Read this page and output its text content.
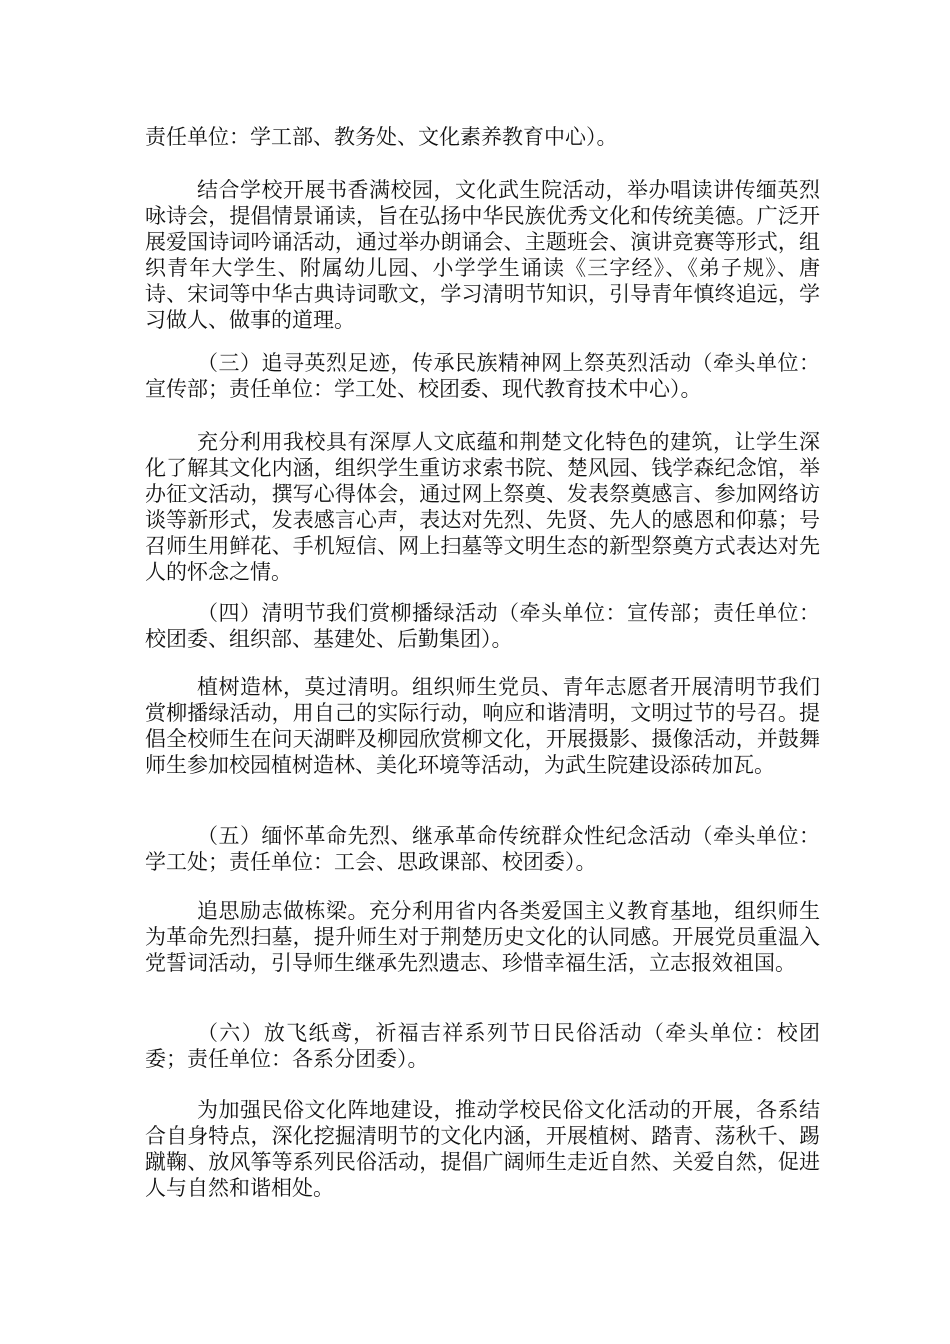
责任单位：学工部、教务处、文化素养教育中心）。

结合学校开展书香满校园，文化武生院活动，举办唱读讲传缅英烈咏诗会，提倡情景诵读，旨在弘扬中华民族优秀文化和传统美德。广泛开展爱国诗词吟诵活动，通过举办朗诵会、主题班会、演讲竞赛等形式，组织青年大学生、附属幼儿园、小学学生诵读《三字经》、《弟子规》、唐诗、宋词等中华古典诗词歌文，学习清明节知识，引导青年慎终追远，学习做人、做事的道理。

（三）追寻英烈足迹，传承民族精神网上祭英烈活动（牵头单位：宣传部；责任单位：学工处、校团委、现代教育技术中心）。

充分利用我校具有深厚人文底蕴和荆楚文化特色的建筑，让学生深化了解其文化内涵，组织学生重访求索书院、楚风园、钱学森纪念馆，举办征文活动，撰写心得体会，通过网上祭奠、发表祭奠感言、参加网络访谈等新形式，发表感言心声，表达对先烈、先贤、先人的感恩和仰慕；号召师生用鲜花、手机短信、网上扫墓等文明生态的新型祭奠方式表达对先人的怀念之情。

（四）清明节我们赏柳播绿活动（牵头单位：宣传部；责任单位：校团委、组织部、基建处、后勤集团）。

植树造林，莫过清明。组织师生党员、青年志愿者开展清明节我们赏柳播绿活动，用自己的实际行动，响应和谐清明，文明过节的号召。提倡全校师生在问天湖畔及柳园欣赏柳文化，开展摄影、摄像活动，并鼓舞师生参加校园植树造林、美化环境等活动，为武生院建设添砖加瓦。

（五）缅怀革命先烈、继承革命传统群众性纪念活动（牵头单位：学工处；责任单位：工会、思政课部、校团委）。

追思励志做栋梁。充分利用省内各类爱国主义教育基地，组织师生为革命先烈扫墓，提升师生对于荆楚历史文化的认同感。开展党员重温入党誓词活动，引导师生继承先烈遗志、珍惜幸福生活，立志报效祖国。

（六）放飞纸鸢，祈福吉祥系列节日民俗活动（牵头单位：校团委；责任单位：各系分团委）。

为加强民俗文化阵地建设，推动学校民俗文化活动的开展，各系结合自身特点，深化挖掘清明节的文化内涵，开展植树、踏青、荡秋千、踢蹴鞠、放风筝等系列民俗活动，提倡广阔师生走近自然、关爱自然，促进人与自然和谐相处。
